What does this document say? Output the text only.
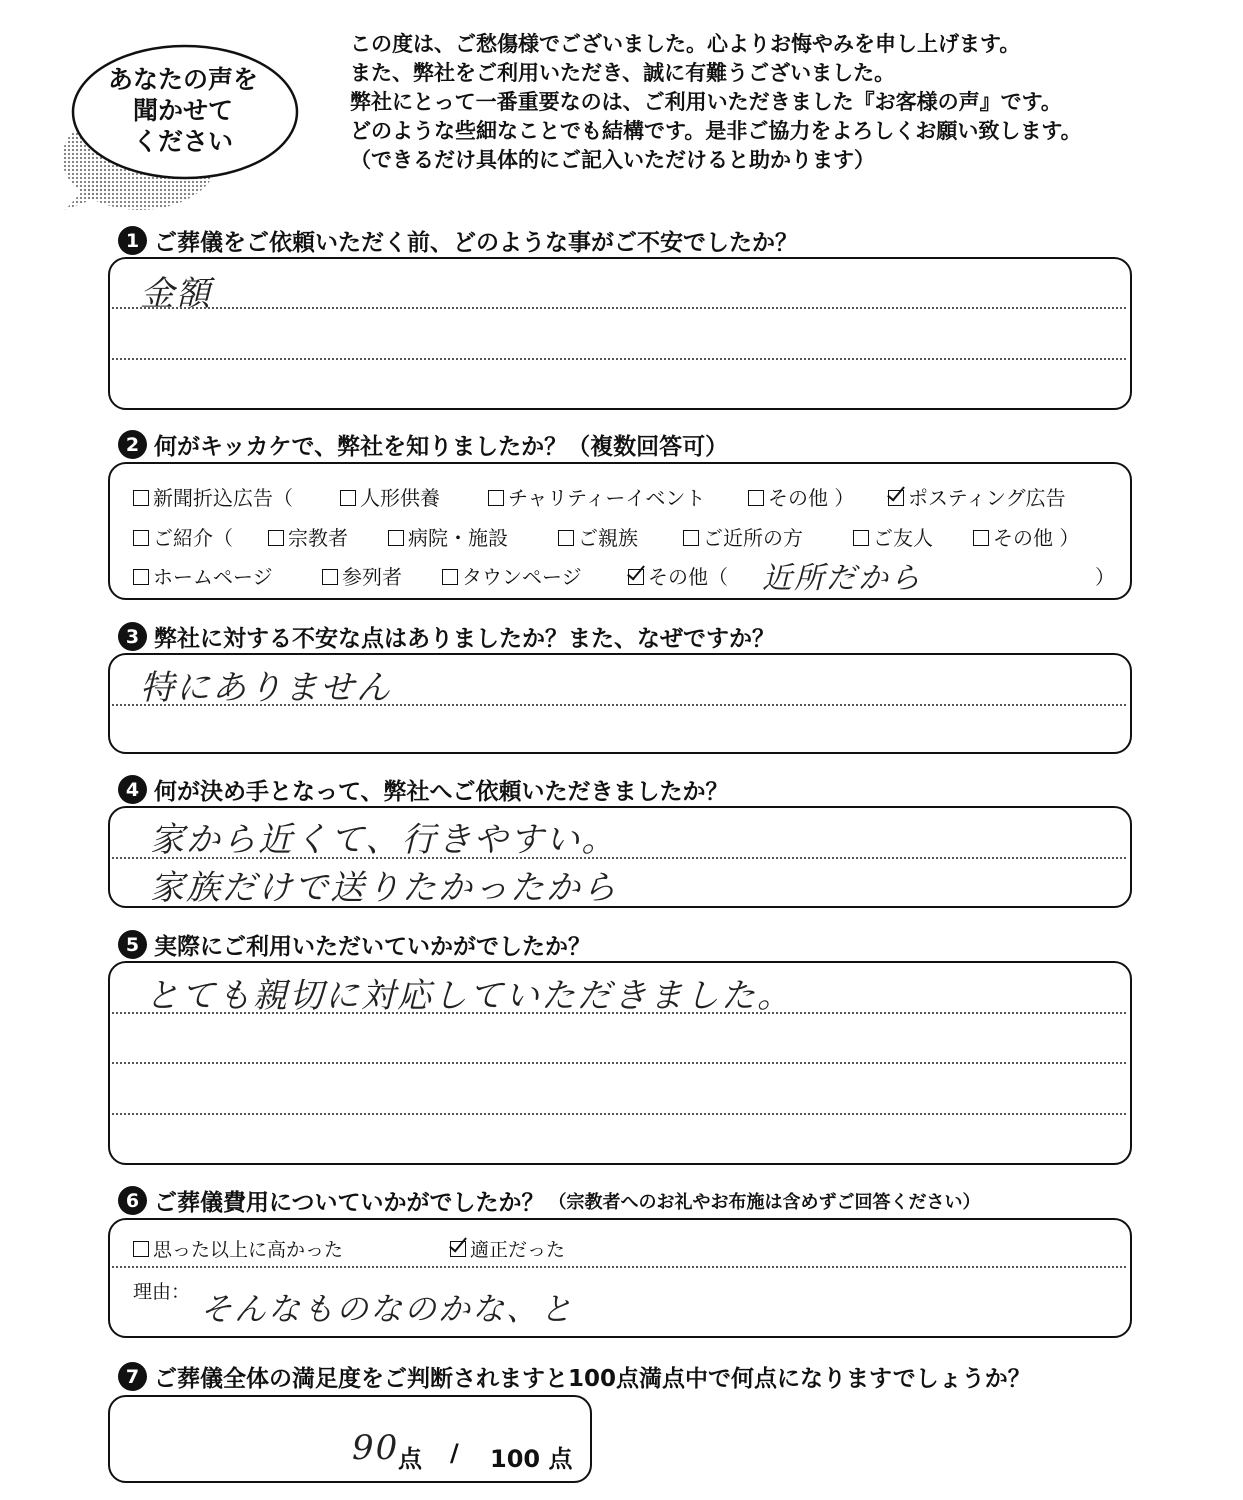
あなたの声を
聞かせて
ください
この度は、ご愁傷様でございました。心よりお悔やみを申し上げます。
また、弊社をご利用いただき、誠に有難うございました。
弊社にとって一番重要なのは、ご利用いただきました『お客様の声』です。
どのような些細なことでも結構です。是非ご協力をよろしくお願い致します。
（できるだけ具体的にご記入いただけると助かります）
1 ご葬儀をご依頼いただく前、どのような事がご不安でしたか？
金額
2 何がキッカケで、弊社を知りましたか？（複数回答可）
新聞折込広告（	人形供養	チャリティーイベント	その他 ）	ポスティング広告
ご紹介（	宗教者	病院・施設	ご親族	ご近所の方	ご友人	その他 ）
ホームページ	参列者	タウンページ	その他（ 近所だから	）
3 弊社に対する不安な点はありましたか？また、なぜですか？
特にありません
4 何が決め手となって、弊社へご依頼いただきましたか？
家から近くて、行きやすい。
家族だけで送りたかったから
5 実際にご利用いただいていかがでしたか？
とても親切に対応していただきました。
6 ご葬儀費用についていかがでしたか？ （宗教者へのお礼やお布施は含めずご回答ください）
思った以上に高かった	適正だった
理由： そんなものなのかな、と
7 ご葬儀全体の満足度をご判断されますと100点満点中で何点になりますでしょうか？
90
点 / 100 点
